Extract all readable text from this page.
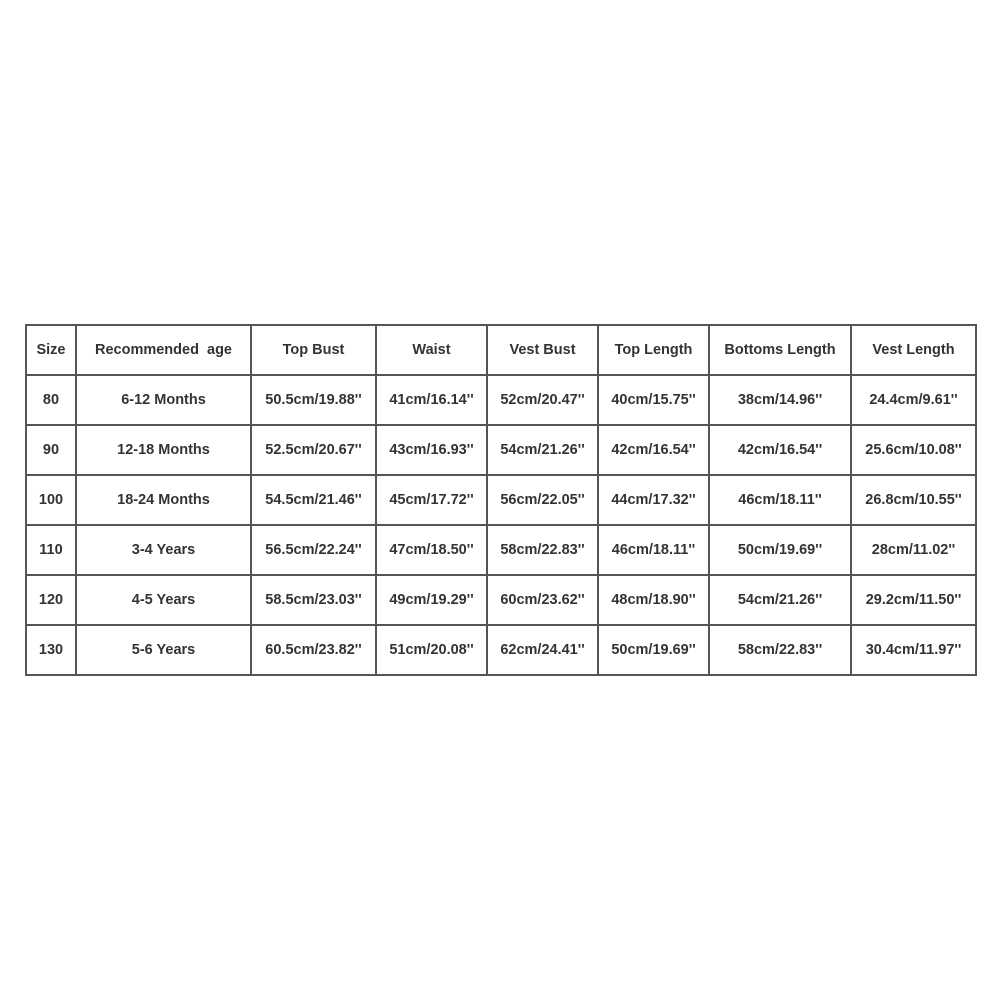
Size	Recommended  age	Top Bust	Waist	Vest Bust	Top Length	Bottoms Length	Vest Length
80	6-12 Months	50.5cm/19.88''	41cm/16.14''	52cm/20.47''	40cm/15.75''	38cm/14.96''	24.4cm/9.61''
90	12-18 Months	52.5cm/20.67''	43cm/16.93''	54cm/21.26''	42cm/16.54''	42cm/16.54''	25.6cm/10.08''
100	18-24 Months	54.5cm/21.46''	45cm/17.72''	56cm/22.05''	44cm/17.32''	46cm/18.11''	26.8cm/10.55''
110	3-4 Years	56.5cm/22.24''	47cm/18.50''	58cm/22.83''	46cm/18.11''	50cm/19.69''	28cm/11.02''
120	4-5 Years	58.5cm/23.03''	49cm/19.29''	60cm/23.62''	48cm/18.90''	54cm/21.26''	29.2cm/11.50''
130	5-6 Years	60.5cm/23.82''	51cm/20.08''	62cm/24.41''	50cm/19.69''	58cm/22.83''	30.4cm/11.97''
